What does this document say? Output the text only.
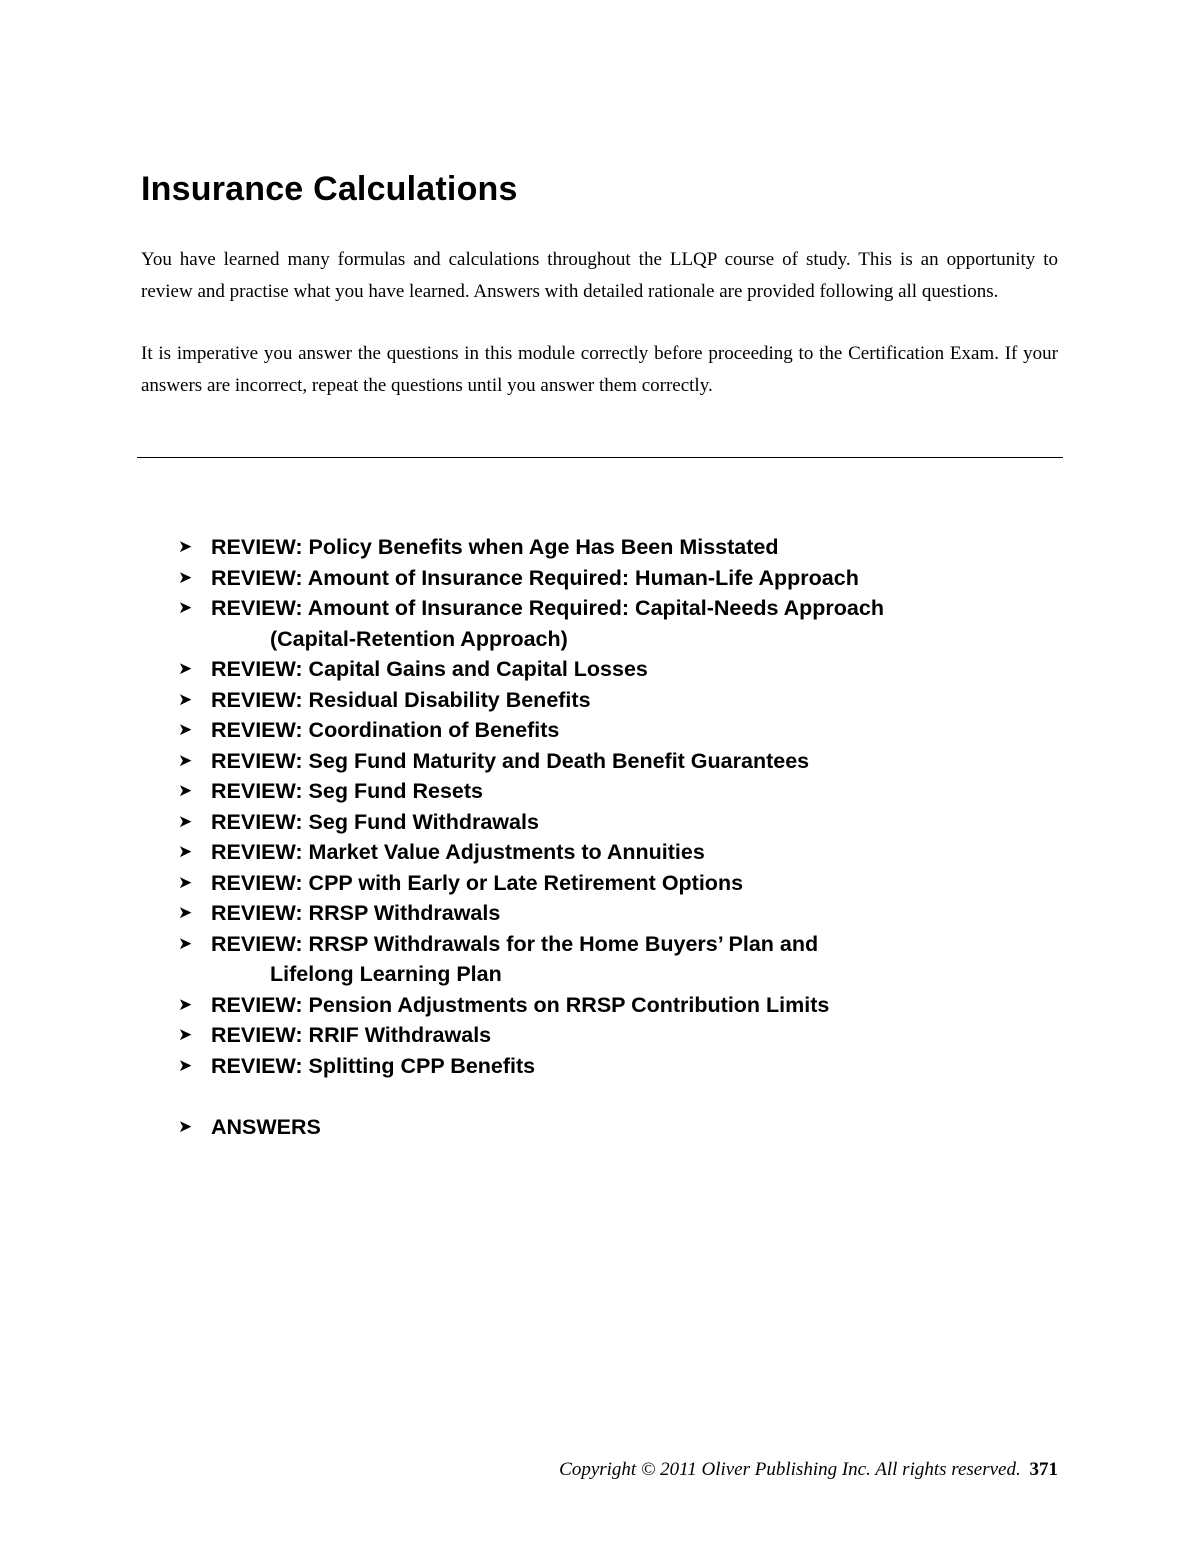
Insurance Calculations

You have learned many formulas and calculations throughout the LLQP course of study. This is an opportunity to review and practise what you have learned. Answers with detailed rationale are provided following all questions.

It is imperative you answer the questions in this module correctly before proceeding to the Certification Exam. If your answers are incorrect, repeat the questions until you answer them correctly.

➤ REVIEW: Policy Benefits when Age Has Been Misstated
➤ REVIEW: Amount of Insurance Required: Human-Life Approach
➤ REVIEW: Amount of Insurance Required: Capital-Needs Approach
(Capital-Retention Approach)
➤ REVIEW: Capital Gains and Capital Losses
➤ REVIEW: Residual Disability Benefits
➤ REVIEW: Coordination of Benefits
➤ REVIEW: Seg Fund Maturity and Death Benefit Guarantees
➤ REVIEW: Seg Fund Resets
➤ REVIEW: Seg Fund Withdrawals
➤ REVIEW: Market Value Adjustments to Annuities
➤ REVIEW: CPP with Early or Late Retirement Options
➤ REVIEW: RRSP Withdrawals
➤ REVIEW: RRSP Withdrawals for the Home Buyers’ Plan and
Lifelong Learning Plan
➤ REVIEW: Pension Adjustments on RRSP Contribution Limits
➤ REVIEW: RRIF Withdrawals
➤ REVIEW: Splitting CPP Benefits
➤ ANSWERS
Copyright © 2011 Oliver Publishing Inc. All rights reserved. 371
